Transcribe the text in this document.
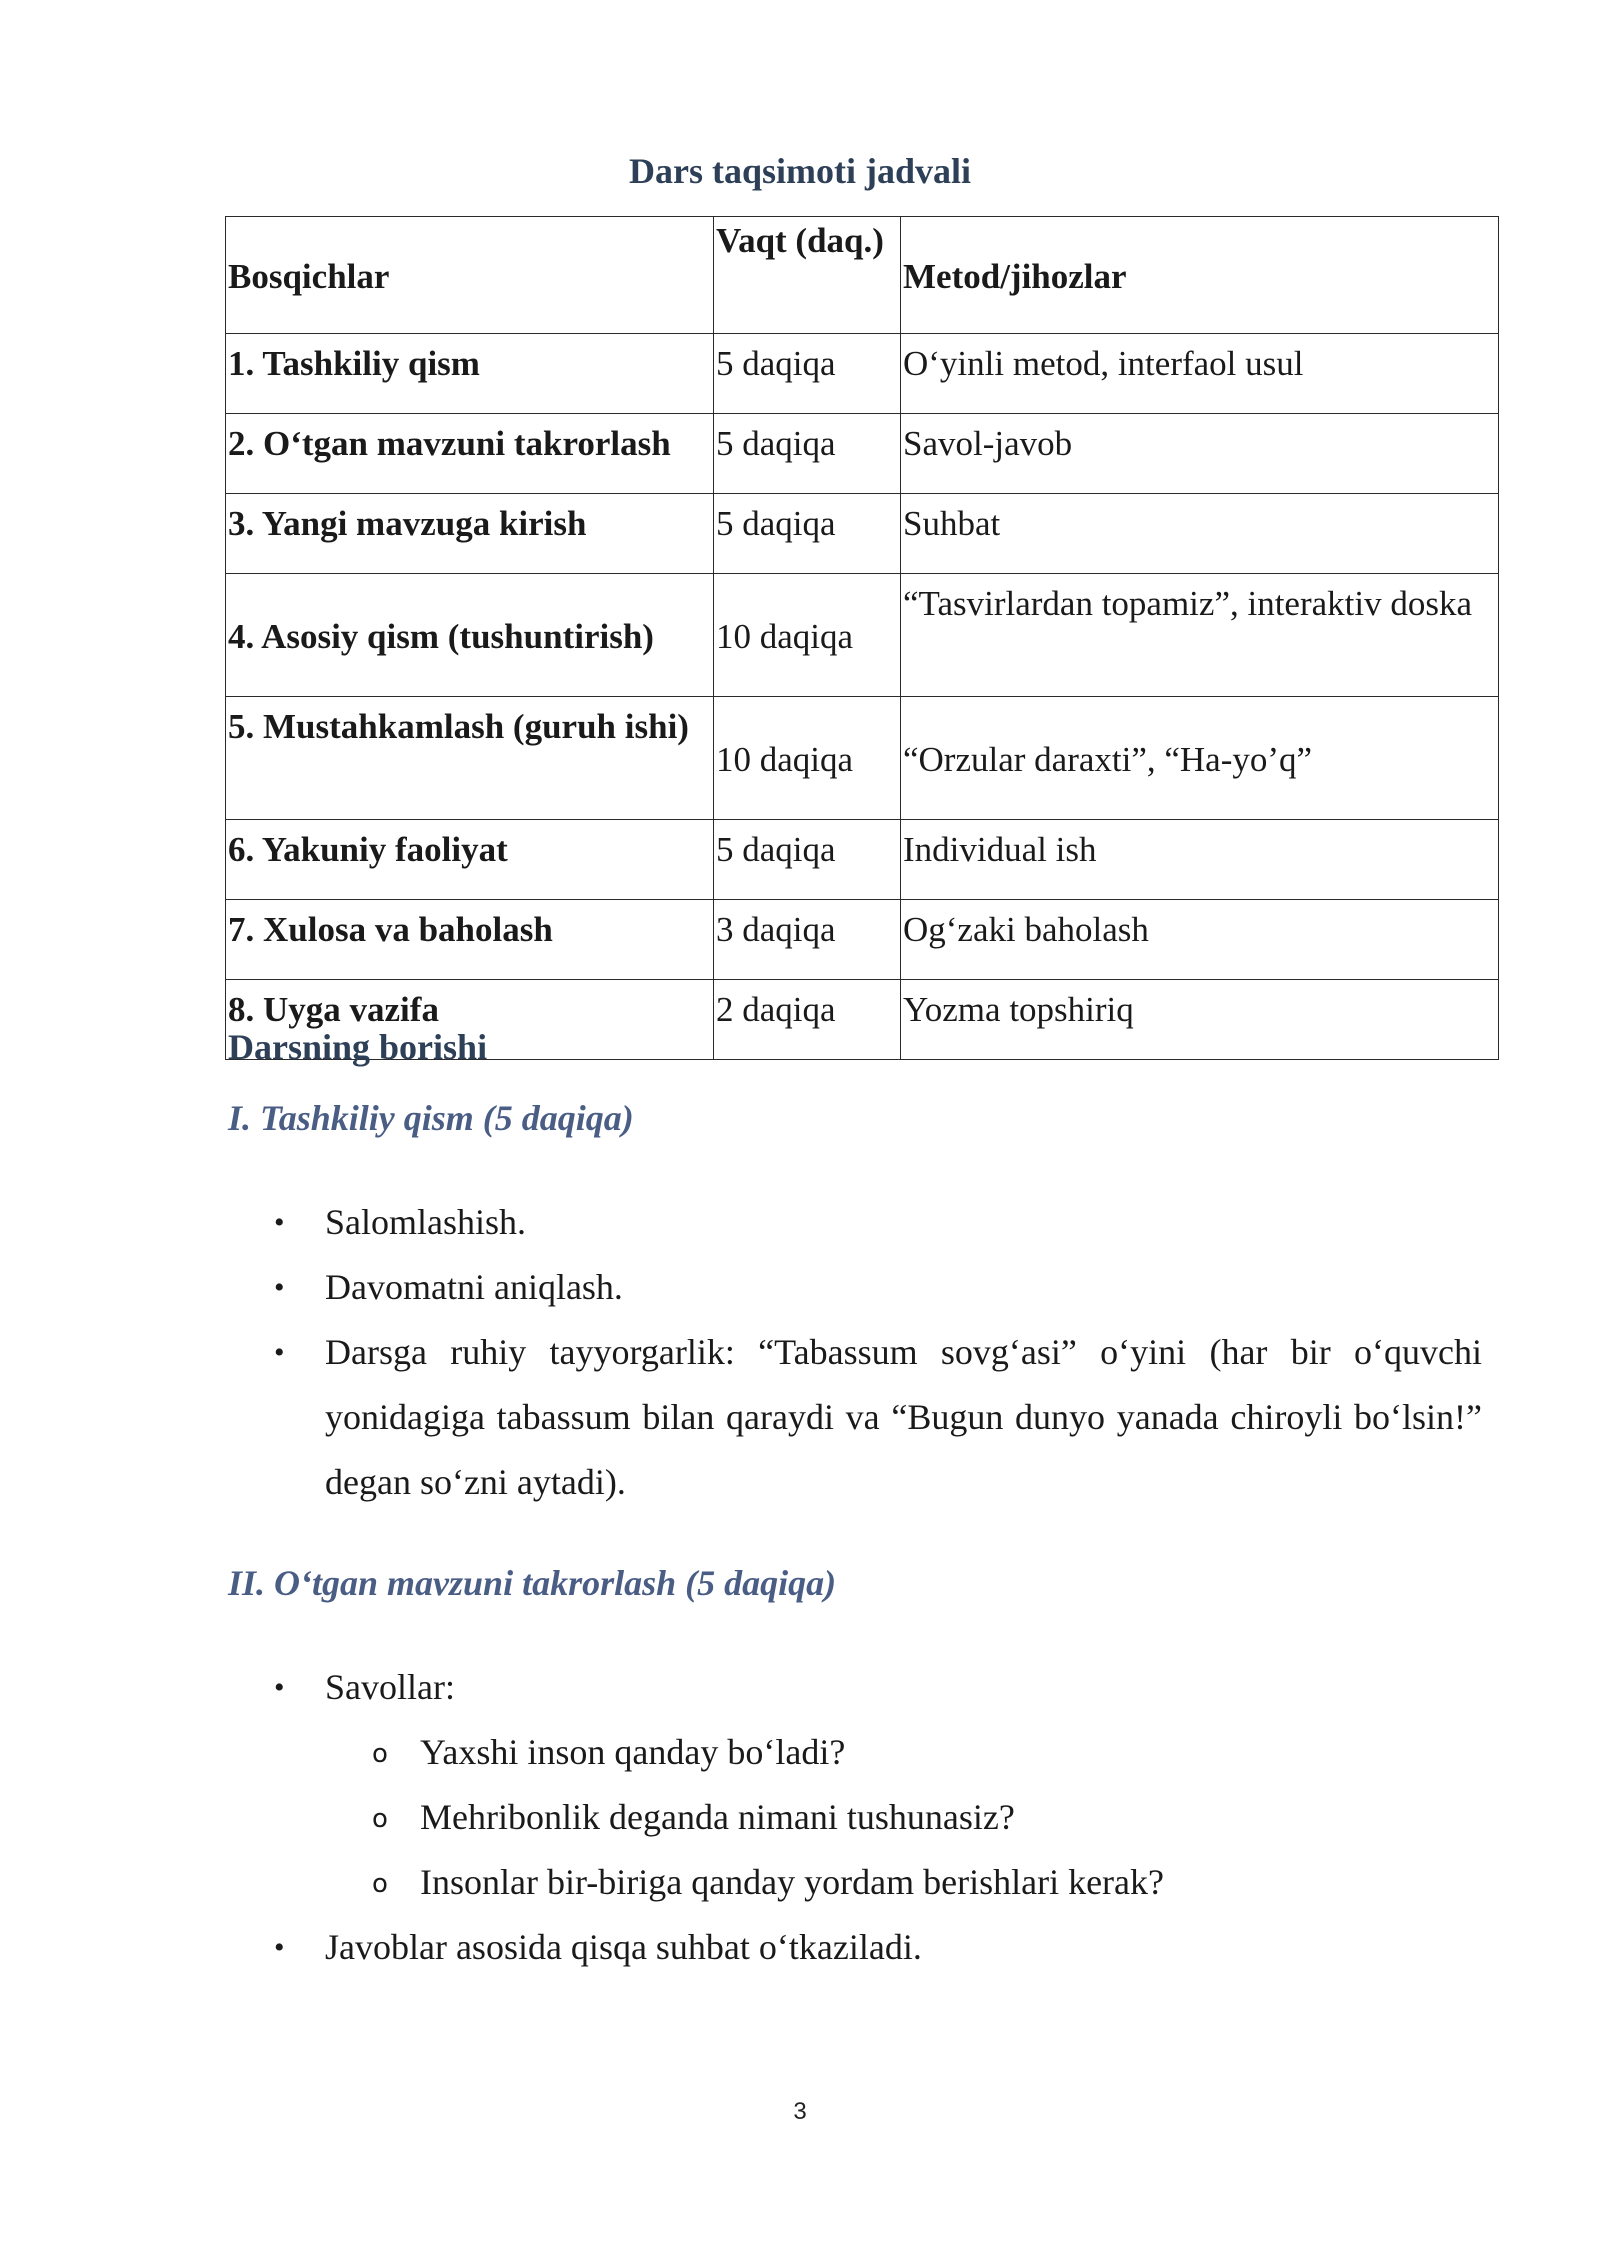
Dars taqsimoti jadvali
Bosqichlar	Vaqt (daq.)	Metod/jihozlar
1. Tashkiliy qism	5 daqiqa	O‘yinli metod, interfaol usul
2. O‘tgan mavzuni takrorlash	5 daqiqa	Savol-javob
3. Yangi mavzuga kirish	5 daqiqa	Suhbat
4. Asosiy qism (tushuntirish)	10 daqiqa	“Tasvirlardan topamiz”, interaktiv doska
5. Mustahkamlash (guruh ishi)	10 daqiqa	“Orzular daraxti”, “Ha-yo’q”
6. Yakuniy faoliyat	5 daqiqa	Individual ish
7. Xulosa va baholash	3 daqiqa	Og‘zaki baholash
8. Uyga vazifa	2 daqiqa	Yozma topshiriq
Darsning borishi
I. Tashkiliy qism (5 daqiqa)
• Salomlashish.
• Davomatni aniqlash.
• Darsga ruhiy tayyorgarlik: “Tabassum sovg‘asi” o‘yini (har bir o‘quvchi yonidagiga tabassum bilan qaraydi va “Bugun dunyo yanada chiroyli bo‘lsin!” degan so‘zni aytadi).
II. O‘tgan mavzuni takrorlash (5 daqiqa)
• Savollar:
o Yaxshi inson qanday bo‘ladi?
o Mehribonlik deganda nimani tushunasiz?
o Insonlar bir-biriga qanday yordam berishlari kerak?
• Javoblar asosida qisqa suhbat o‘tkaziladi.
3
